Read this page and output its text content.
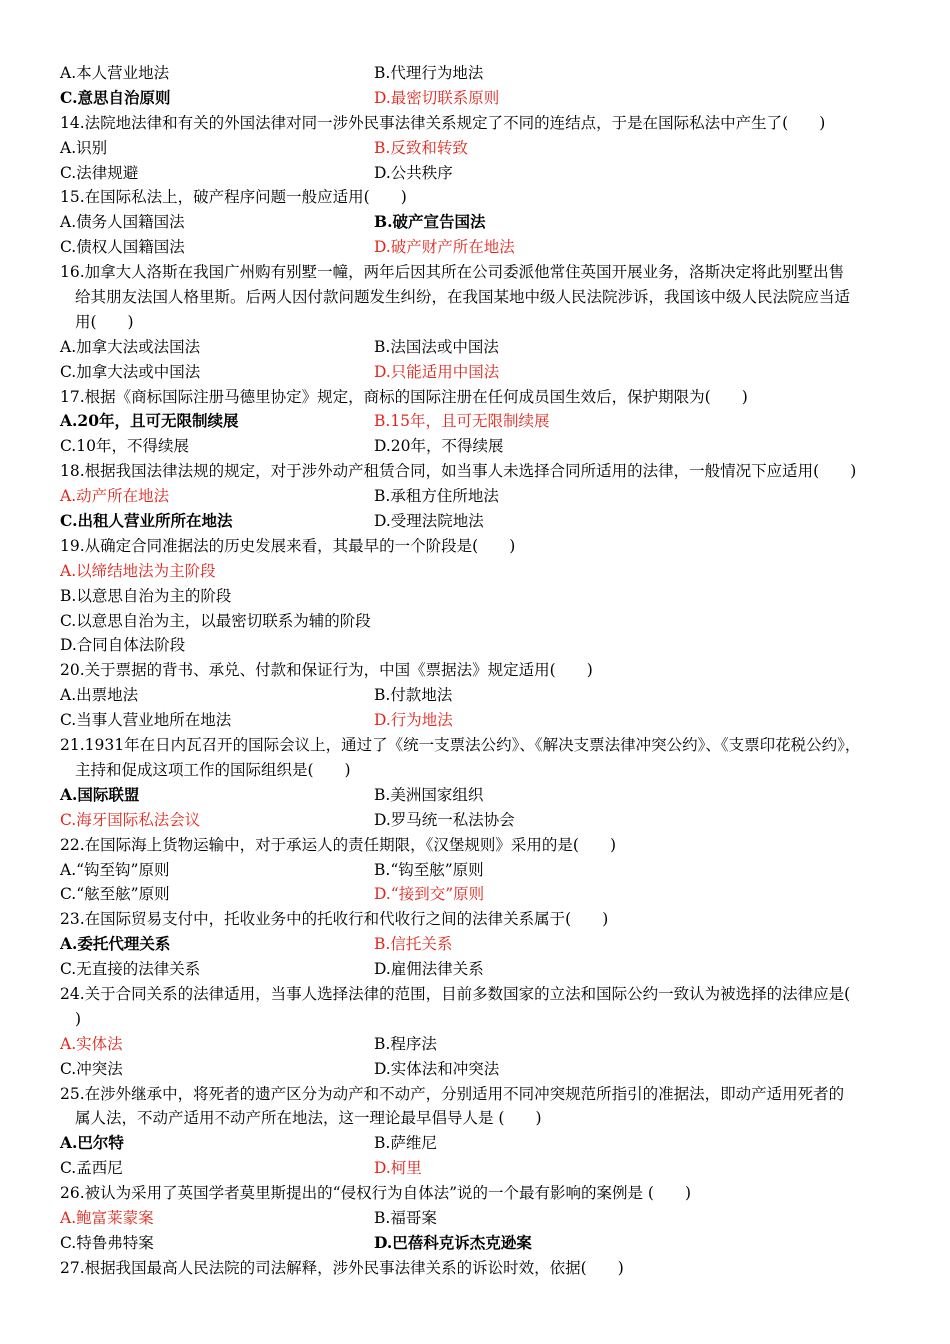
A.本人营业地法	B.代理行为地法
C.意思自治原则	D.最密切联系原则
14.法院地法律和有关的外国法律对同一涉外民事法律关系规定了不同的连结点，于是在国际私法中产生了(　　)
A.识别	B.反致和转致
C.法律规避	D.公共秩序
15.在国际私法上，破产程序问题一般应适用(　　)
A.债务人国籍国法	B.破产宣告国法
C.债权人国籍国法	D.破产财产所在地法
16.加拿大人洛斯在我国广州购有别墅一幢，两年后因其所在公司委派他常住英国开展业务，洛斯决定将此别墅出售
给其朋友法国人格里斯。后两人因付款问题发生纠纷，在我国某地中级人民法院涉诉，我国该中级人民法院应当适
用(　　)
A.加拿大法或法国法	B.法国法或中国法
C.加拿大法或中国法	D.只能适用中国法
17.根据《商标国际注册马德里协定》规定，商标的国际注册在任何成员国生效后，保护期限为(　　)
A.20年，且可无限制续展	B.15年，且可无限制续展
C.10年，不得续展	D.20年，不得续展
18.根据我国法律法规的规定，对于涉外动产租赁合同，如当事人未选择合同所适用的法律，一般情况下应适用(　　)
A.动产所在地法	B.承租方住所地法
C.出租人营业所所在地法	D.受理法院地法
19.从确定合同准据法的历史发展来看，其最早的一个阶段是(　　)
A.以缔结地法为主阶段
B.以意思自治为主的阶段
C.以意思自治为主，以最密切联系为辅的阶段
D.合同自体法阶段
20.关于票据的背书、承兑、付款和保证行为，中国《票据法》规定适用(　　)
A.出票地法	B.付款地法
C.当事人营业地所在地法	D.行为地法
21.1931年在日内瓦召开的国际会议上，通过了《统一支票法公约》、《解决支票法律冲突公约》、《支票印花税公约》，
主持和促成这项工作的国际组织是(　　)
A.国际联盟	B.美洲国家组织
C.海牙国际私法会议	D.罗马统一私法协会
22.在国际海上货物运输中，对于承运人的责任期限，《汉堡规则》采用的是(　　)
A.“钩至钩”原则	B.“钩至舷”原则
C.“舷至舷”原则	D.“接到交”原则
23.在国际贸易支付中，托收业务中的托收行和代收行之间的法律关系属于(　　)
A.委托代理关系	B.信托关系
C.无直接的法律关系	D.雇佣法律关系
24.关于合同关系的法律适用，当事人选择法律的范围，目前多数国家的立法和国际公约一致认为被选择的法律应是(
)
A.实体法	B.程序法
C.冲突法	D.实体法和冲突法
25.在涉外继承中，将死者的遗产区分为动产和不动产，分别适用不同冲突规范所指引的准据法，即动产适用死者的
属人法，不动产适用不动产所在地法，这一理论最早倡导人是 (　　)
A.巴尔特	B.萨维尼
C.孟西尼	D.柯里
26.被认为采用了英国学者莫里斯提出的“侵权行为自体法”说的一个最有影响的案例是 (　　)
A.鲍富莱蒙案	B.福哥案
C.特鲁弗特案	D.巴蓓科克诉杰克逊案
27.根据我国最高人民法院的司法解释，涉外民事法律关系的诉讼时效，依据(　　)
